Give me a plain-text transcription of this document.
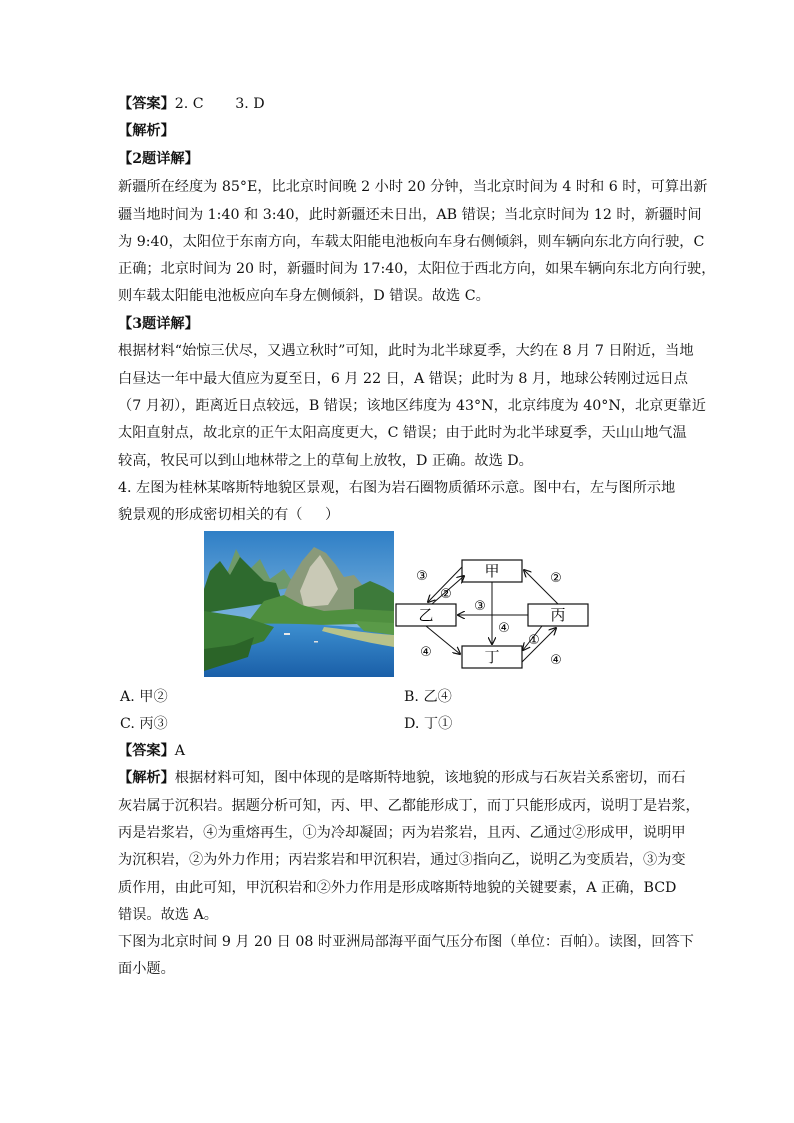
【答案】2. C       3. D
【解析】
【2题详解】
新疆所在经度为 85°E，比北京时间晚 2 小时 20 分钟，当北京时间为 4 时和 6 时，可算出新
疆当地时间为 1:40 和 3:40，此时新疆还未日出，AB 错误；当北京时间为 12 时，新疆时间
为 9:40，太阳位于东南方向，车载太阳能电池板向车身右侧倾斜，则车辆向东北方向行驶，C
正确；北京时间为 20 时，新疆时间为 17:40，太阳位于西北方向，如果车辆向东北方向行驶，
则车载太阳能电池板应向车身左侧倾斜，D 错误。故选 C。
【3题详解】
根据材料“始惊三伏尽，又遇立秋时”可知，此时为北半球夏季，大约在 8 月 7 日附近，当地
白昼达一年中最大值应为夏至日，6 月 22 日，A 错误；此时为 8 月，地球公转刚过远日点
（7 月初），距离近日点较远，B 错误；该地区纬度为 43°N，北京纬度为 40°N，北京更靠近
太阳直射点，故北京的正午太阳高度更大，C 错误；由于此时为北半球夏季，天山山地气温
较高，牧民可以到山地林带之上的草甸上放牧，D 正确。故选 D。
4. 左图为桂林某喀斯特地貌区景观，右图为岩石圈物质循环示意。图中右，左与图所示地
貌景观的形成密切相关的有（     ）
甲
乙	丙
丁
③
②
②
③
④
①
④
④
A. 甲②	B. 乙④
C. 丙③	D. 丁①
【答案】A
【解析】根据材料可知，图中体现的是喀斯特地貌，该地貌的形成与石灰岩关系密切，而石
灰岩属于沉积岩。据题分析可知，丙、甲、乙都能形成丁，而丁只能形成丙，说明丁是岩浆，
丙是岩浆岩，④为重熔再生，①为冷却凝固；丙为岩浆岩，且丙、乙通过②形成甲，说明甲
为沉积岩，②为外力作用；丙岩浆岩和甲沉积岩，通过③指向乙，说明乙为变质岩，③为变
质作用，由此可知，甲沉积岩和②外力作用是形成喀斯特地貌的关键要素，A 正确，BCD
错误。故选 A。
下图为北京时间 9 月 20 日 08 时亚洲局部海平面气压分布图（单位：百帕）。读图，回答下
面小题。
